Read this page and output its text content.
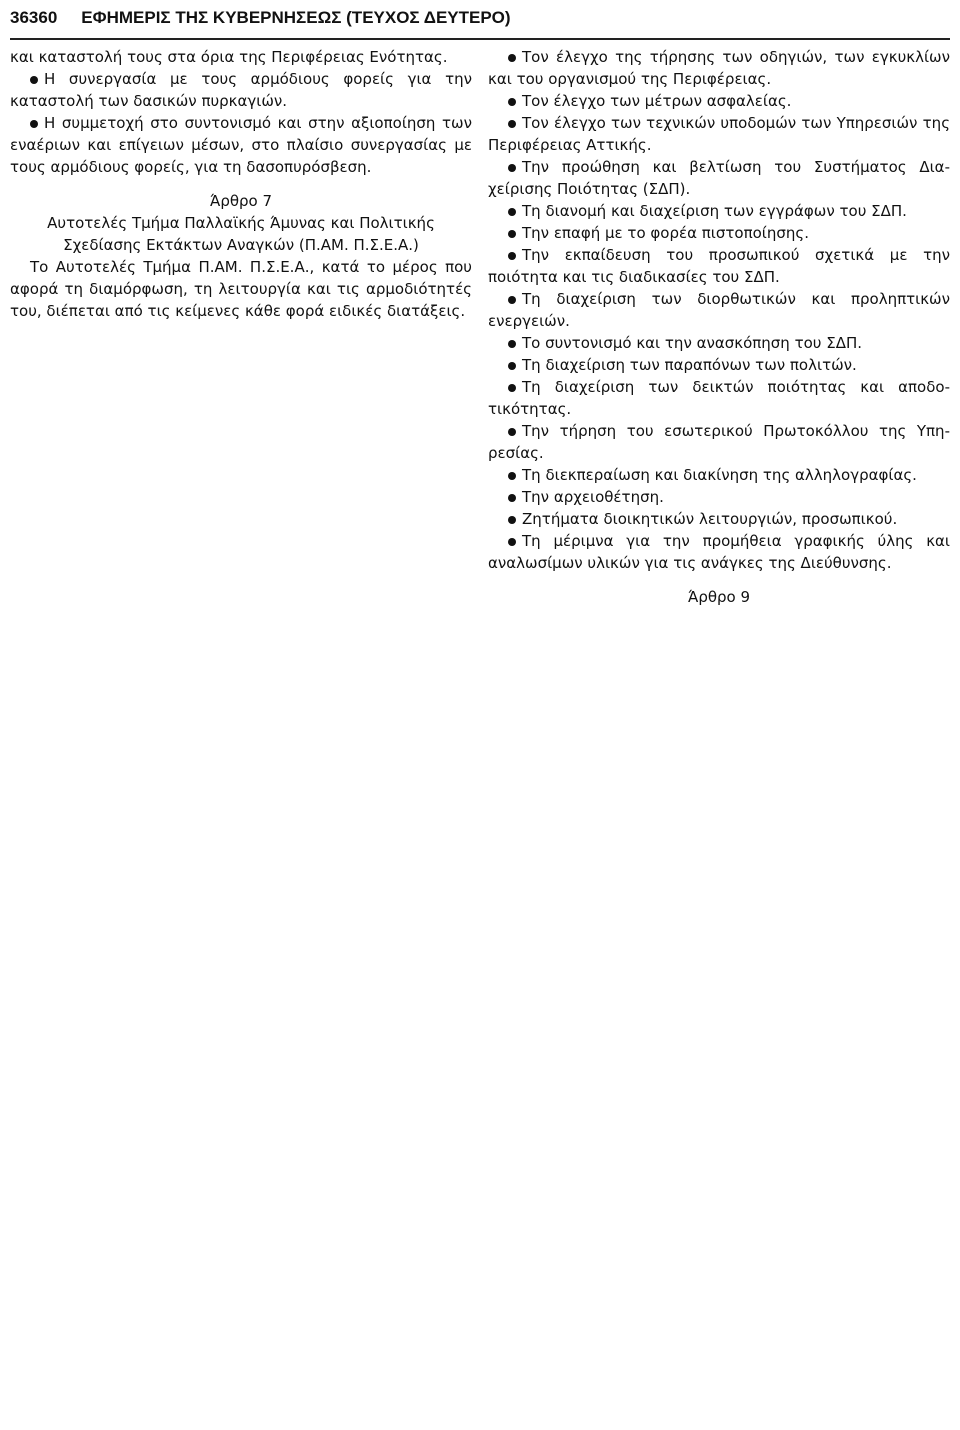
36360 ΕΦΗΜΕΡΙΣ ΤΗΣ ΚΥΒΕΡΝΗΣΕΩΣ (ΤΕΥΧΟΣ ΔΕΥΤΕΡΟ)

και καταστολή τους στα όρια της Περιφέρειας Ενότητας.

Η συνεργασία με τους αρμόδιους φορείς για την καταστολή των δασικών πυρκαγιών.

Η συμμετοχή στο συντονισμό και στην αξιοποίηση των εναέριων και επίγειων μέσων, στο πλαίσιο συνεργασίας με τους αρμόδιους φορείς, για τη δασοπυρόσβεση.

Άρθρο 7

Αυτοτελές Τμήμα Παλλαϊκής Άμυνας και Πολιτικής Σχεδίασης Εκτάκτων Αναγκών (Π.ΑΜ. Π.Σ.Ε.Α.)

Το Αυτοτελές Τμήμα Π.ΑΜ. Π.Σ.Ε.Α., κατά το μέρος που αφορά τη διαμόρφωση, τη λειτουργία και τις αρμοδιότητές του, διέπεται από τις κείμενες κάθε φορά ειδικές διατάξεις.

Τον έλεγχο της τήρησης των οδηγιών, των εγκυκλίων και του οργανισμού της Περιφέρειας.

Τον έλεγχο των μέτρων ασφαλείας.

Τον έλεγχο των τεχνικών υποδομών των Υπηρεσιών της Περιφέρειας Αττικής.

Την προώθηση και βελτίωση του Συστήματος Διαχείρισης Ποιότητας (ΣΔΠ).

Τη διανομή και διαχείριση των εγγράφων του ΣΔΠ.

Την επαφή με το φορέα πιστοποίησης.

Την εκπαίδευση του προσωπικού σχετικά με την ποιότητα και τις διαδικασίες του ΣΔΠ.

Τη διαχείριση των διορθωτικών και προληπτικών ενεργειών.

Το συντονισμό και την ανασκόπηση του ΣΔΠ.

Τη διαχείριση των παραπόνων των πολιτών.

Τη διαχείριση των δεικτών ποιότητας και αποδοτικότητας.

Την τήρηση του εσωτερικού Πρωτοκόλλου της Υπηρεσίας.

Τη διεκπεραίωση και διακίνηση της αλληλογραφίας.

Την αρχειοθέτηση.

Ζητήματα διοικητικών λειτουργιών, προσωπικού.

Τη μέριμνα για την προμήθεια γραφικής ύλης και αναλωσίμων υλικών για τις ανάγκες της Διεύθυνσης.

Άρθρο 9
